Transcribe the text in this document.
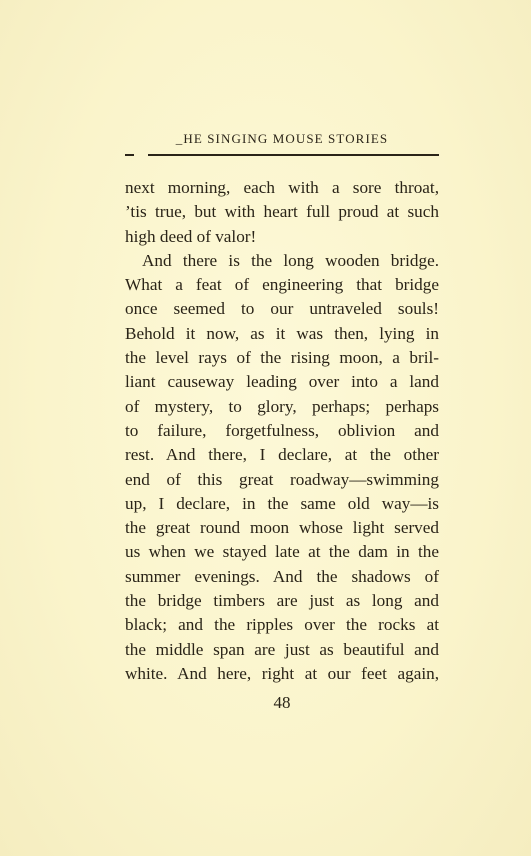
_HE SINGING MOUSE STORIES
next morning, each with a sore throat,
’tis true, but with heart full proud at such
high deed of valor!
And there is the long wooden bridge.
What a feat of engineering that bridge
once seemed to our untraveled souls!
Behold it now, as it was then, lying in
the level rays of the rising moon, a bril-
liant causeway leading over into a land
of mystery, to glory, perhaps; perhaps
to failure, forgetfulness, oblivion and
rest. And there, I declare, at the other
end of this great roadway—swimming
up, I declare, in the same old way—is
the great round moon whose light served
us when we stayed late at the dam in the
summer evenings. And the shadows of
the bridge timbers are just as long and
black; and the ripples over the rocks at
the middle span are just as beautiful and
white. And here, right at our feet again,
48
